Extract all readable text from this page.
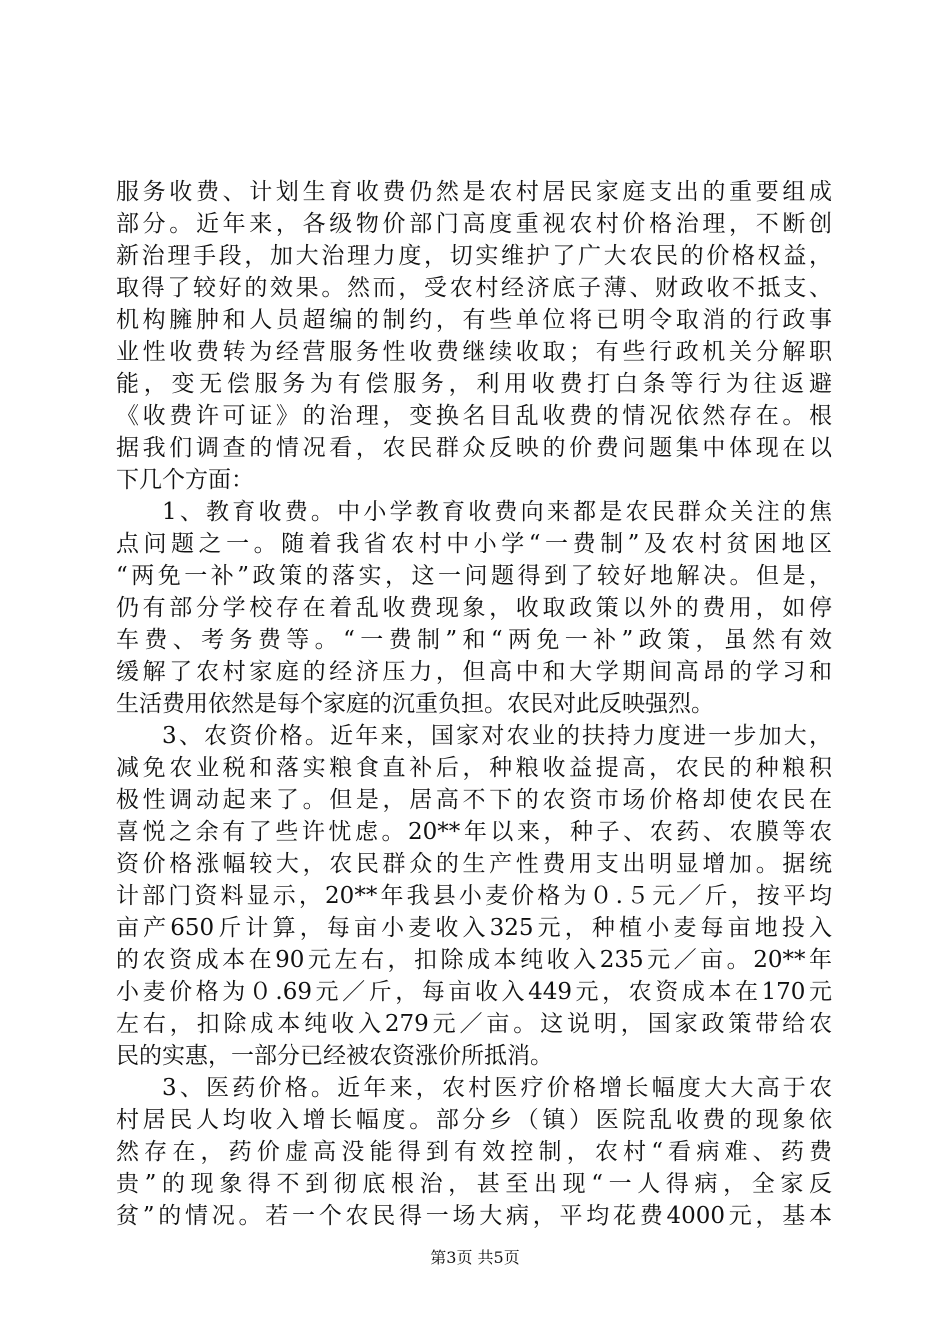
服务收费、计划生育收费仍然是农村居民家庭支出的重要组成
部分。近年来，各级物价部门高度重视农村价格治理，不断创
新治理手段，加大治理力度，切实维护了广大农民的价格权益，
取得了较好的效果。然而，受农村经济底子薄、财政收不抵支、
机构臃肿和人员超编的制约，有些单位将已明令取消的行政事
业性收费转为经营服务性收费继续收取；有些行政机关分解职
能，变无偿服务为有偿服务，利用收费打白条等行为往返避
《收费许可证》的治理，变换名目乱收费的情况依然存在。根
据我们调查的情况看，农民群众反映的价费问题集中体现在以
下几个方面：
1、教育收费。中小学教育收费向来都是农民群众关注的焦
点问题之一。随着我省农村中小学“一费制”及农村贫困地区
“两免一补”政策的落实，这一问题得到了较好地解决。但是，
仍有部分学校存在着乱收费现象，收取政策以外的费用，如停
车费、考务费等。“一费制”和“两免一补”政策，虽然有效
缓解了农村家庭的经济压力，但高中和大学期间高昂的学习和
生活费用依然是每个家庭的沉重负担。农民对此反映强烈。
3、农资价格。近年来，国家对农业的扶持力度进一步加大，
减免农业税和落实粮食直补后，种粮收益提高，农民的种粮积
极性调动起来了。但是，居高不下的农资市场价格却使农民在
喜悦之余有了些许忧虑。20**年以来，种子、农药、农膜等农
资价格涨幅较大，农民群众的生产性费用支出明显增加。据统
计部门资料显示，20**年我县小麦价格为０.５元／斤，按平均
亩产650斤计算，每亩小麦收入325元，种植小麦每亩地投入
的农资成本在90元左右，扣除成本纯收入235元／亩。20**年
小麦价格为０.69元／斤，每亩收入449元，农资成本在170元
左右，扣除成本纯收入279元／亩。这说明，国家政策带给农
民的实惠，一部分已经被农资涨价所抵消。
3、医药价格。近年来，农村医疗价格增长幅度大大高于农
村居民人均收入增长幅度。部分乡（镇）医院乱收费的现象依
然存在，药价虚高没能得到有效控制，农村“看病难、药费
贵”的现象得不到彻底根治，甚至出现“一人得病，全家反
贫”的情况。若一个农民得一场大病，平均花费4000元，基本
第3页 共5页
